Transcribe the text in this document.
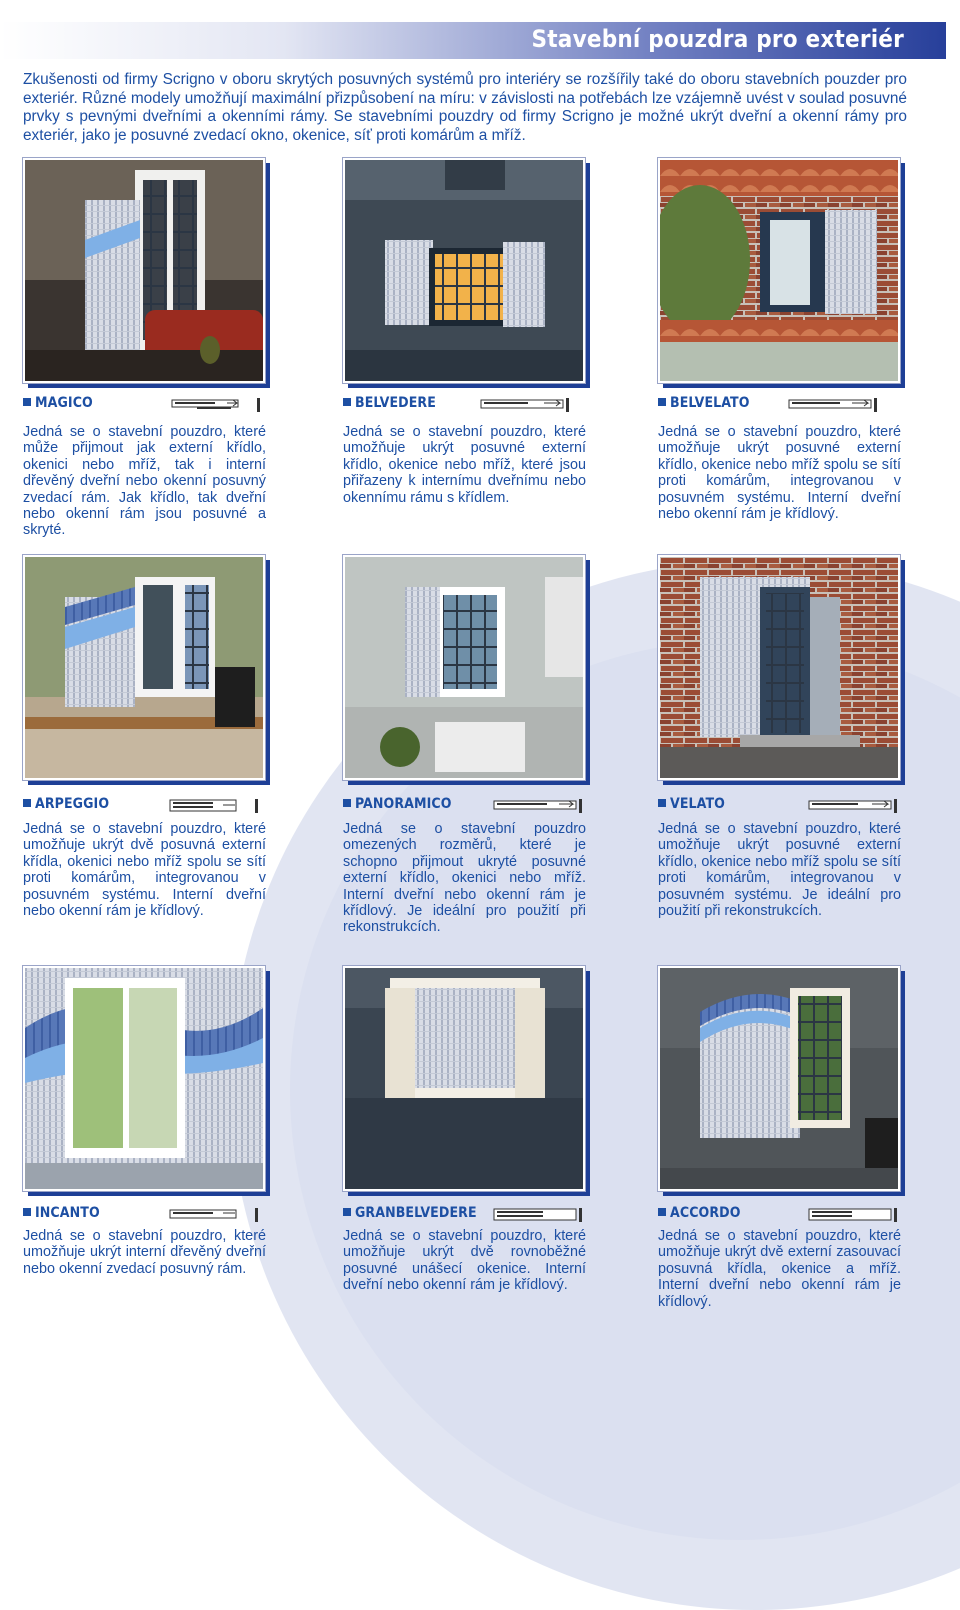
Stavební pouzdra pro exteriér

Zkušenosti od firmy Scrigno v oboru skrytých posuvných systémů pro interiéry se rozšířily také do oboru stavebních pouzder pro exteriér. Různé modely umožňují maximální přizpůsobení na míru: v závislosti na potřebách lze vzájemně uvést v soulad posuvné prvky s pevnými dveřními a okenními rámy. Se stavebními pouzdry od firmy Scrigno je možné ukrýt dveřní a okenní rámy pro exteriér, jako je posuvné zvedací okno, okenice, síť proti komárům a mříž.

MAGICO

Jedná se o stavební pouzdro, které může přijmout jak externí křídlo, okenici nebo mříž, tak i interní dřevěný dveřní nebo okenní posuvný zvedací rám. Jak křídlo, tak dveřní nebo okenní rám jsou posuvné a skryté.

BELVEDERE

Jedná se o stavební pouzdro, které umožňuje ukrýt posuvné externí křídlo, okenice nebo mříž, které jsou přiřazeny k internímu dveřnímu nebo okennímu rámu s křídlem.

BELVELATO

Jedná se o stavební pouzdro, které umožňuje ukrýt posuvné externí křídlo, okenice nebo mříž spolu se sítí proti komárům, integrovanou v posuvném systému. Interní dveřní nebo okenní rám je křídlový.

ARPEGGIO

Jedná se o stavební pouzdro, které umožňuje ukrýt dvě posuvná externí křídla, okenici nebo mříž spolu se sítí proti komárům, integrovanou v posuvném systému. Interní dveřní nebo okenní rám je křídlový.

PANORAMICO

Jedná se o stavební pouzdro omezených rozměrů, které je schopno přijmout ukryté posuvné externí křídlo, okenici nebo mříž. Interní dveřní nebo okenní rám je křídlový. Je ideální pro použití při rekonstrukcích.

VELATO

Jedná se o stavební pouzdro, které umožňuje ukrýt posuvné externí křídlo, okenice nebo mříž spolu se sítí proti komárům, integrovanou v posuvném systému. Je ideální pro použití při rekonstrukcích.

INCANTO

Jedná se o stavební pouzdro, které umožňuje ukrýt interní dřevěný dveřní nebo okenní zvedací posuvný rám.

GRANBELVEDERE

Jedná se o stavební pouzdro, které umožňuje ukrýt dvě rovnoběžné posuvné unášecí okenice. Interní dveřní nebo okenní rám je křídlový.

ACCORDO

Jedná se o stavební pouzdro, které umožňuje ukrýt dvě externí zasouvací posuvná křídla, okenice a mříž. Interní dveřní nebo okenní rám je křídlový.
